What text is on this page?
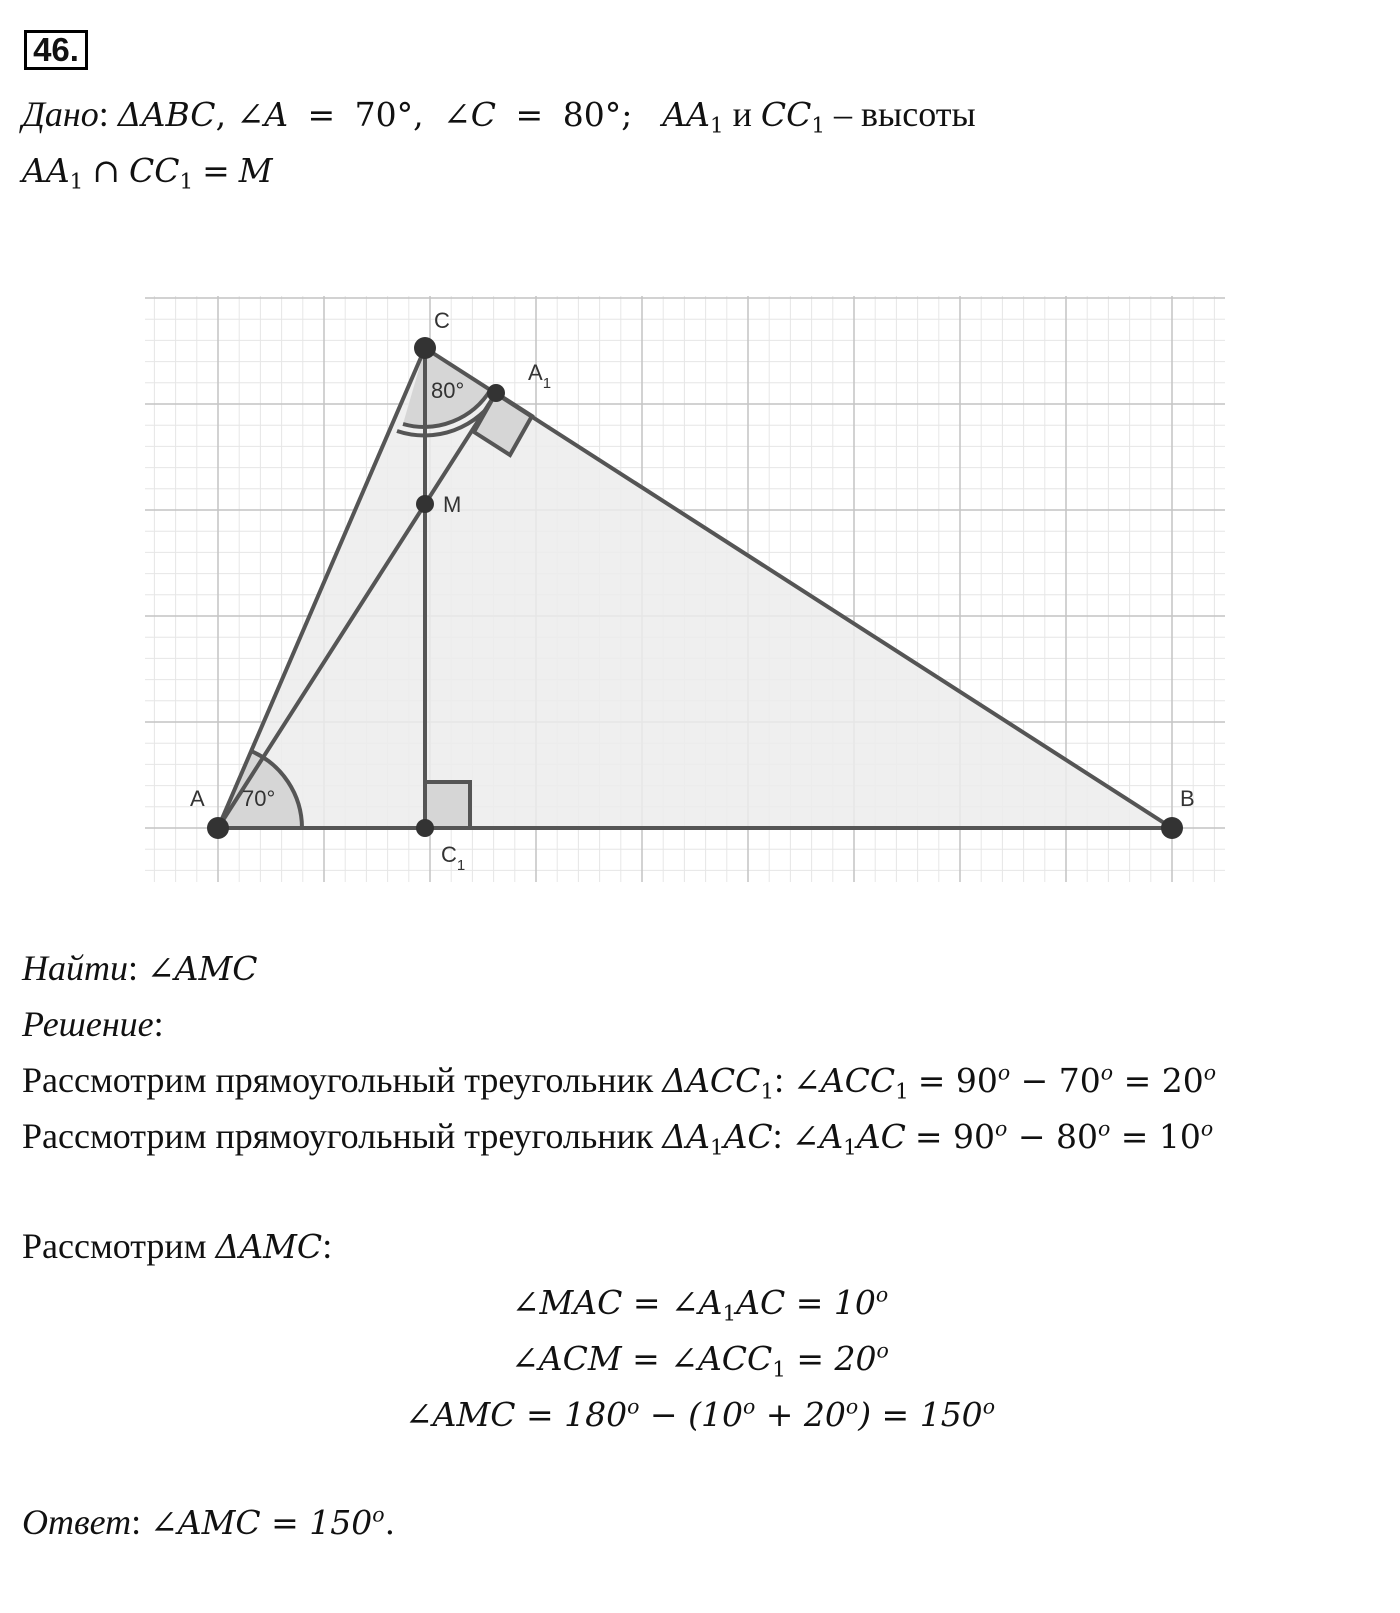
46.
Дано: ΔABC, ∠A  =  70°,  ∠C  =  80°;   $AA_1$ и $CC_1$ – высоты
$AA_1$ ∩ $CC_1 = M$
C
$A_1$
M
A	B
$C_1$
80°
70°
Найти: ∠AMC
Решение:
Рассмотрим прямоугольный треугольник $\Delta ACC_1$: $\angle ACC_1 = 90^o - 70^o = 20^o$
Рассмотрим прямоугольный треугольник $\Delta A_1AC$: $\angle A_1AC = 90^o - 80^o = 10^o$
Рассмотрим ΔAMC:
∠MAC = $\angle A_1AC = 10^o$
∠ACM = $\angle ACC_1 = 20^o$
∠AMC = $180^o - (10^o + 20^o) = 150^o$
Ответ: ∠AMC = $150^o$.
